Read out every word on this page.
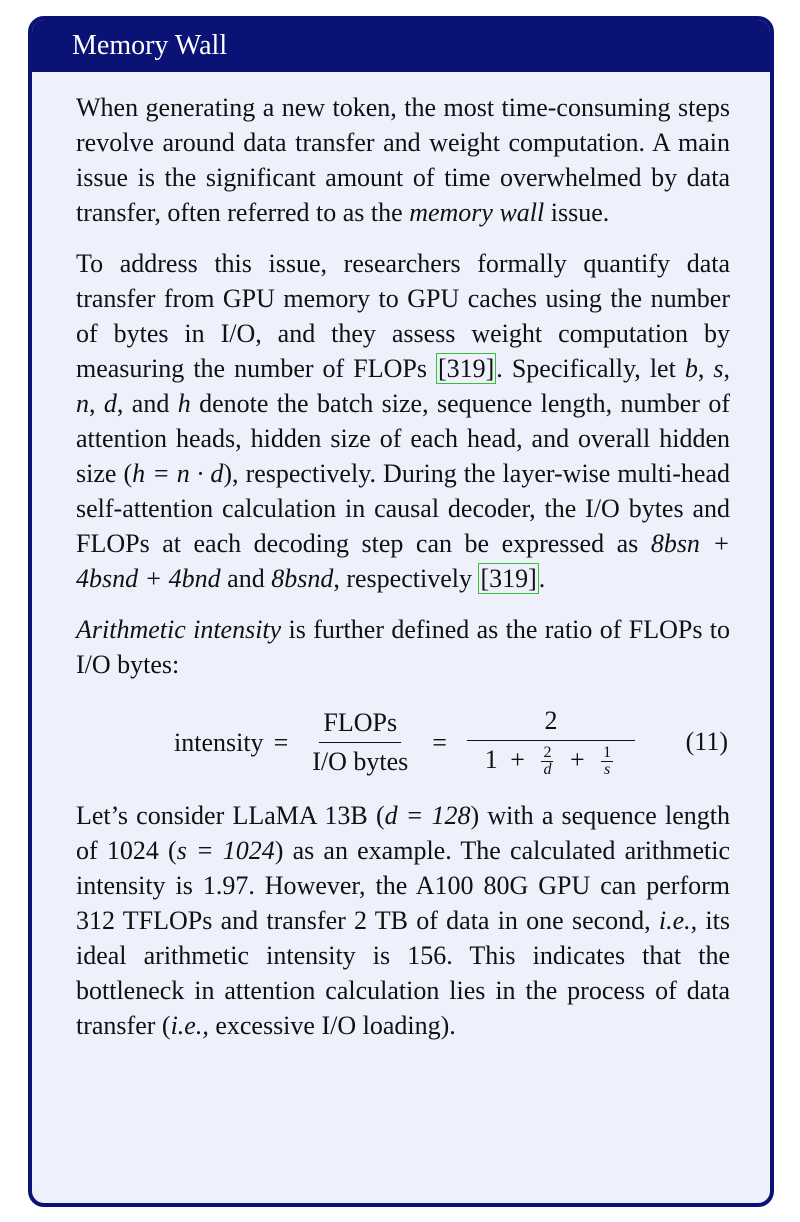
Memory Wall

When generating a new token, the most time-consuming steps revolve around data transfer and weight computation. A main issue is the significant amount of time overwhelmed by data transfer, often referred to as the memory wall issue.

To address this issue, researchers formally quantify data transfer from GPU memory to GPU caches using the number of bytes in I/O, and they assess weight computation by measuring the number of FLOPs [319]. Specifically, let b, s, n, d, and h denote the batch size, sequence length, number of attention heads, hidden size of each head, and overall hidden size (h = n · d), respectively. During the layer-wise multi-head self-attention calculation in causal decoder, the I/O bytes and FLOPs at each decoding step can be expressed as 8bsn + 4bsnd + 4bnd and 8bsnd, respectively [319].

Arithmetic intensity is further defined as the ratio of FLOPs to I/O bytes:

intensity = $\frac{\text{FLOPs}}{\text{I/O bytes}}$ =
2
$1 + \frac{2}{d} + \frac{1}{s}$
(11)

Let’s consider LLaMA 13B (d = 128) with a sequence length of 1024 (s = 1024) as an example. The calculated arithmetic intensity is 1.97. However, the A100 80G GPU can perform 312 TFLOPs and transfer 2 TB of data in one second, i.e., its ideal arithmetic intensity is 156. This indicates that the bottleneck in attention calculation lies in the process of data transfer (i.e., excessive I/O loading).
